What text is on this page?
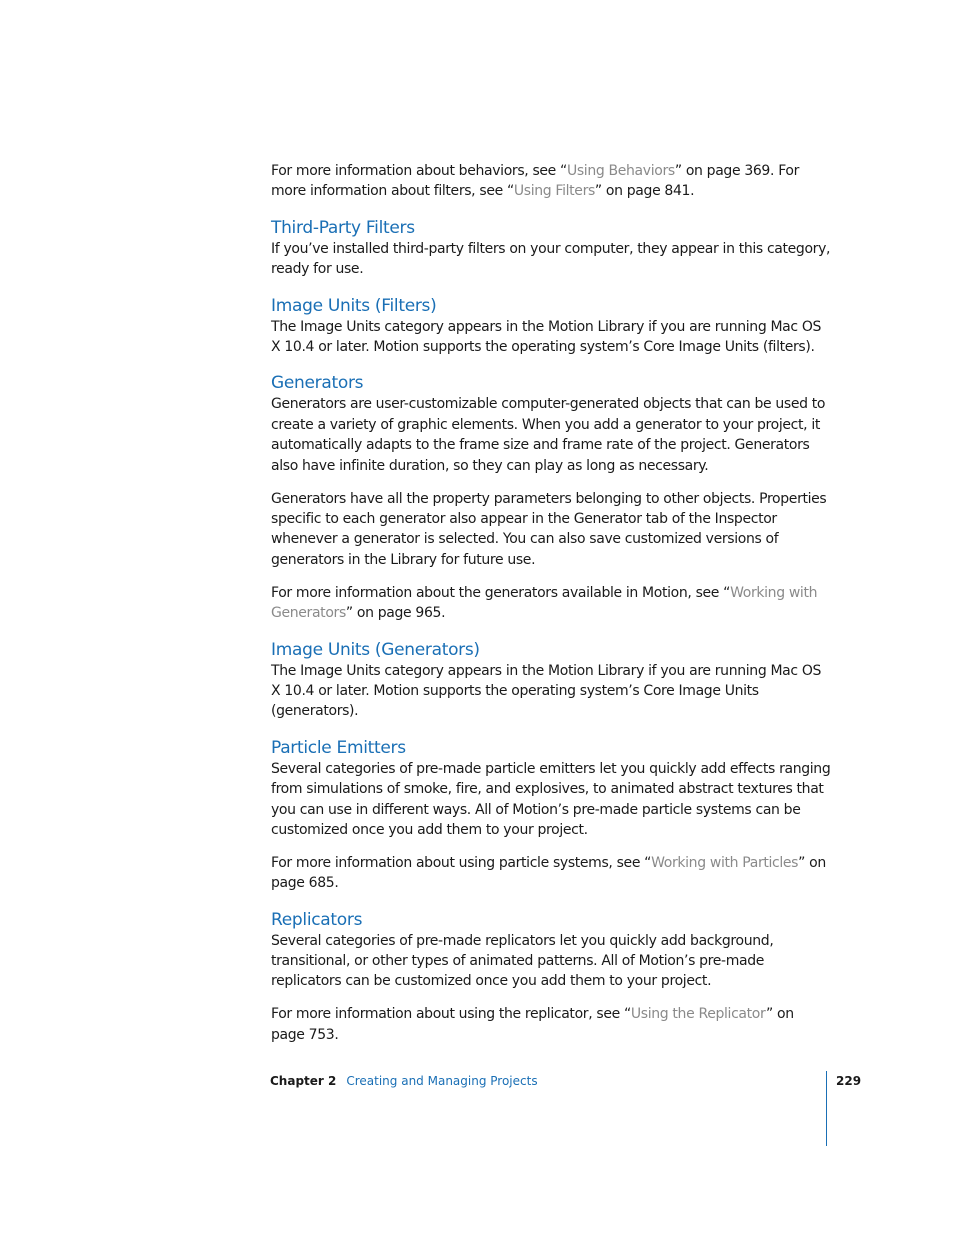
For more information about behaviors, see “Using Behaviors” on page 369. For more information about filters, see “Using Filters” on page 841.

Third-Party Filters

If you’ve installed third-party filters on your computer, they appear in this category, ready for use.

Image Units (Filters)

The Image Units category appears in the Motion Library if you are running Mac OS X 10.4 or later. Motion supports the operating system’s Core Image Units (filters).

Generators

Generators are user-customizable computer-generated objects that can be used to create a variety of graphic elements. When you add a generator to your project, it automatically adapts to the frame size and frame rate of the project. Generators also have infinite duration, so they can play as long as necessary.

Generators have all the property parameters belonging to other objects. Properties specific to each generator also appear in the Generator tab of the Inspector whenever a generator is selected. You can also save customized versions of generators in the Library for future use.

For more information about the generators available in Motion, see “Working with Generators” on page 965.

Image Units (Generators)

The Image Units category appears in the Motion Library if you are running Mac OS X 10.4 or later. Motion supports the operating system’s Core Image Units (generators).

Particle Emitters

Several categories of pre-made particle emitters let you quickly add effects ranging from simulations of smoke, fire, and explosives, to animated abstract textures that you can use in different ways. All of Motion’s pre-made particle systems can be customized once you add them to your project.

For more information about using particle systems, see “Working with Particles” on page 685.

Replicators

Several categories of pre-made replicators let you quickly add background, transitional, or other types of animated patterns. All of Motion’s pre-made replicators can be customized once you add them to your project.

For more information about using the replicator, see “Using the Replicator” on page 753.

Chapter 2 Creating and Managing Projects	229
